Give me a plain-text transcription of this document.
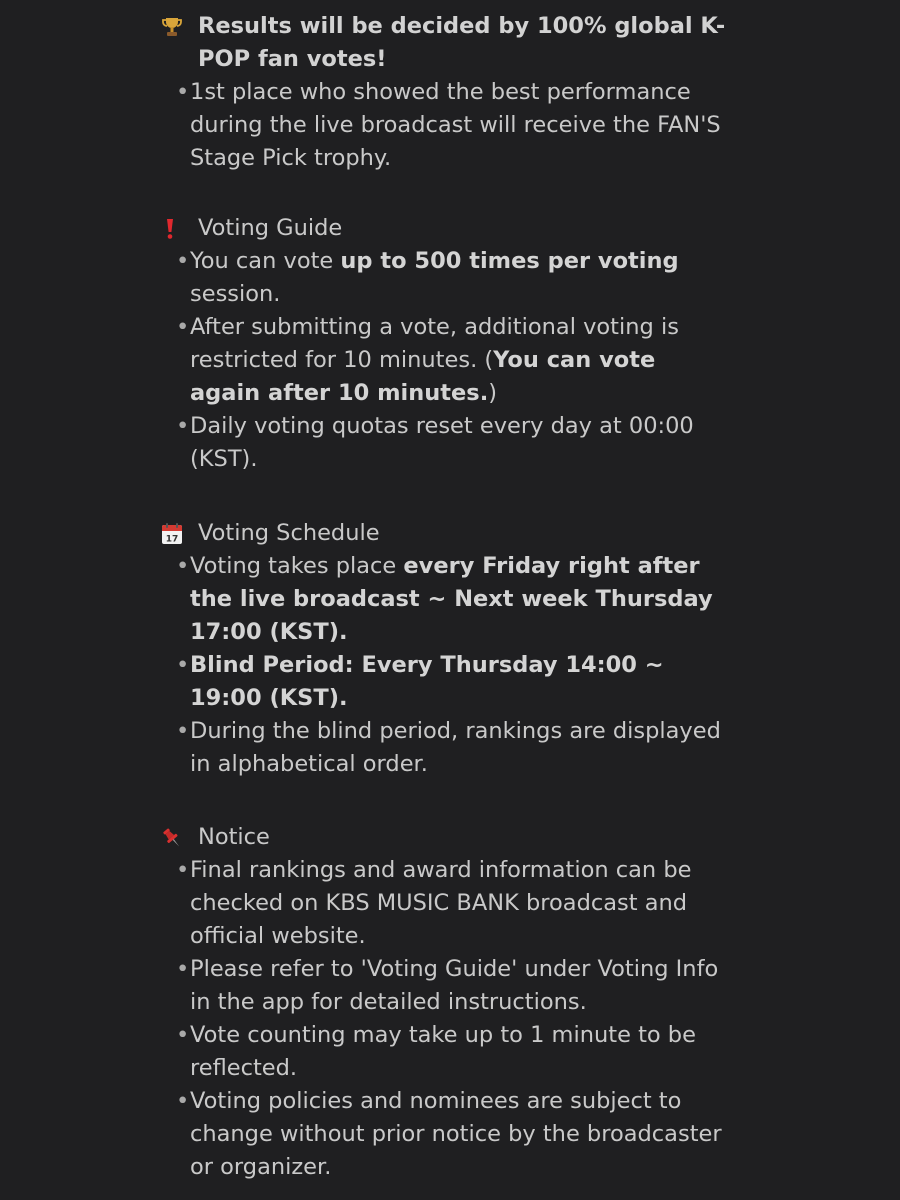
Results will be decided by 100% global K-POP fan votes!
• 1st place who showed the best performance during the live broadcast will receive the FAN'S Stage Pick trophy.
Voting Guide
• You can vote up to 500 times per voting session.
• After submitting a vote, additional voting is restricted for 10 minutes. (You can vote again after 10 minutes.)
• Daily voting quotas reset every day at 00:00 (KST).
17 Voting Schedule
• Voting takes place every Friday right after the live broadcast ~ Next week Thursday 17:00 (KST).
• Blind Period: Every Thursday 14:00 ~ 19:00 (KST).
• During the blind period, rankings are displayed in alphabetical order.
Notice
• Final rankings and award information can be checked on KBS MUSIC BANK broadcast and official website.
• Please refer to 'Voting Guide' under Voting Info in the app for detailed instructions.
• Vote counting may take up to 1 minute to be reflected.
• Voting policies and nominees are subject to change without prior notice by the broadcaster or organizer.
